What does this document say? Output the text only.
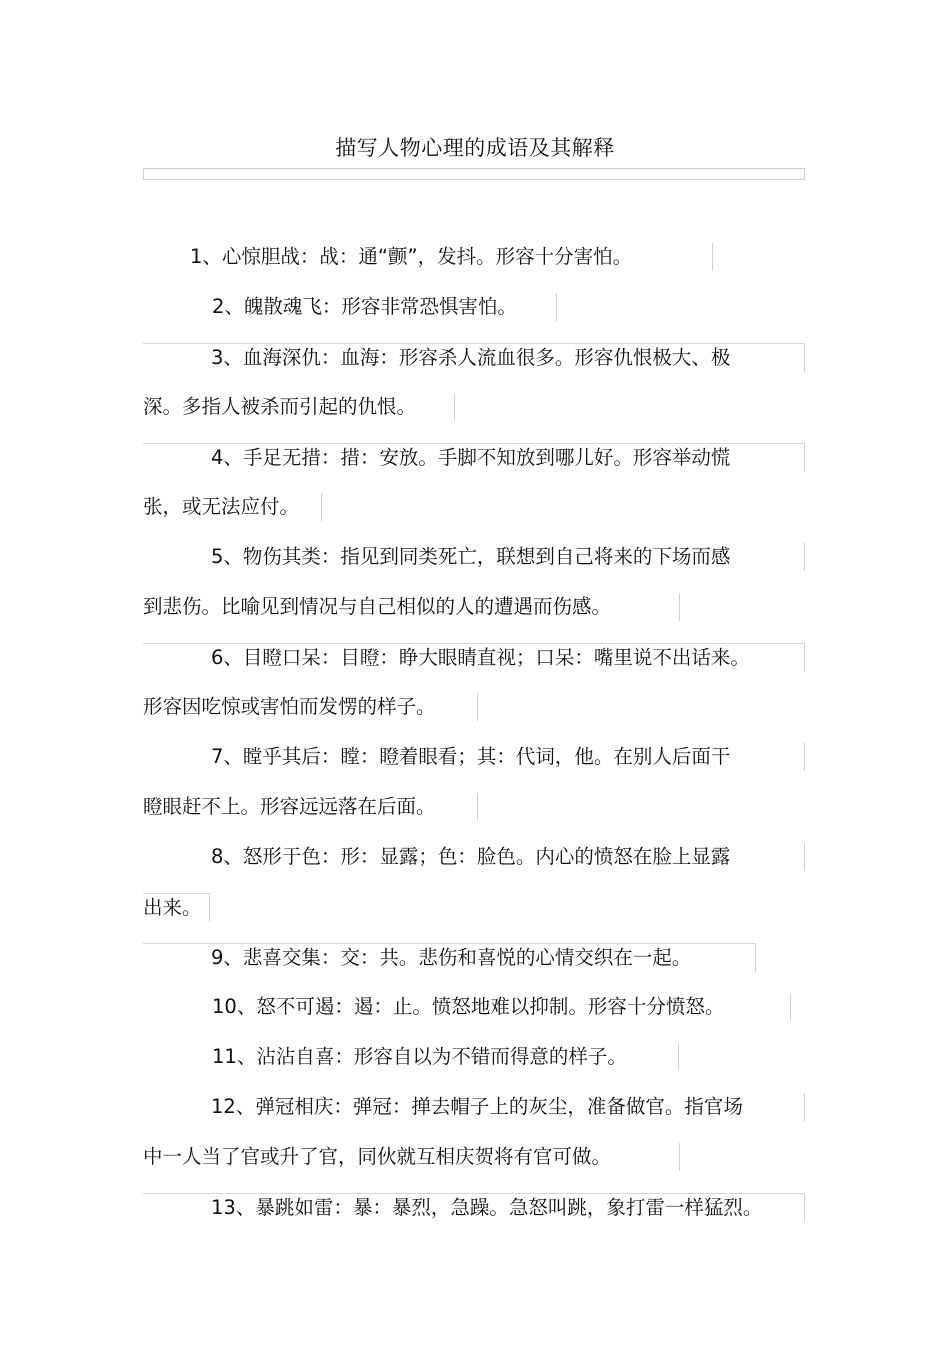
描写人物心理的成语及其解释
1、心惊胆战：战：通“颤”，发抖。形容十分害怕。
2、魄散魂飞：形容非常恐惧害怕。
3、血海深仇：血海：形容杀人流血很多。形容仇恨极大、极
深。多指人被杀而引起的仇恨。
4、手足无措：措：安放。手脚不知放到哪儿好。形容举动慌
张，或无法应付。
5、物伤其类：指见到同类死亡，联想到自己将来的下场而感
到悲伤。比喻见到情况与自己相似的人的遭遇而伤感。
6、目瞪口呆：目瞪：睁大眼睛直视；口呆：嘴里说不出话来。
形容因吃惊或害怕而发愣的样子。
7、瞠乎其后：瞠：瞪着眼看；其：代词，他。在别人后面干
瞪眼赶不上。形容远远落在后面。
8、怒形于色：形：显露；色：脸色。内心的愤怒在脸上显露
出来。
9、悲喜交集：交：共。悲伤和喜悦的心情交织在一起。
10、怒不可遏：遏：止。愤怒地难以抑制。形容十分愤怒。
11、沾沾自喜：形容自以为不错而得意的样子。
12、弹冠相庆：弹冠：掸去帽子上的灰尘，准备做官。指官场
中一人当了官或升了官，同伙就互相庆贺将有官可做。
13、暴跳如雷：暴：暴烈，急躁。急怒叫跳，象打雷一样猛烈。
